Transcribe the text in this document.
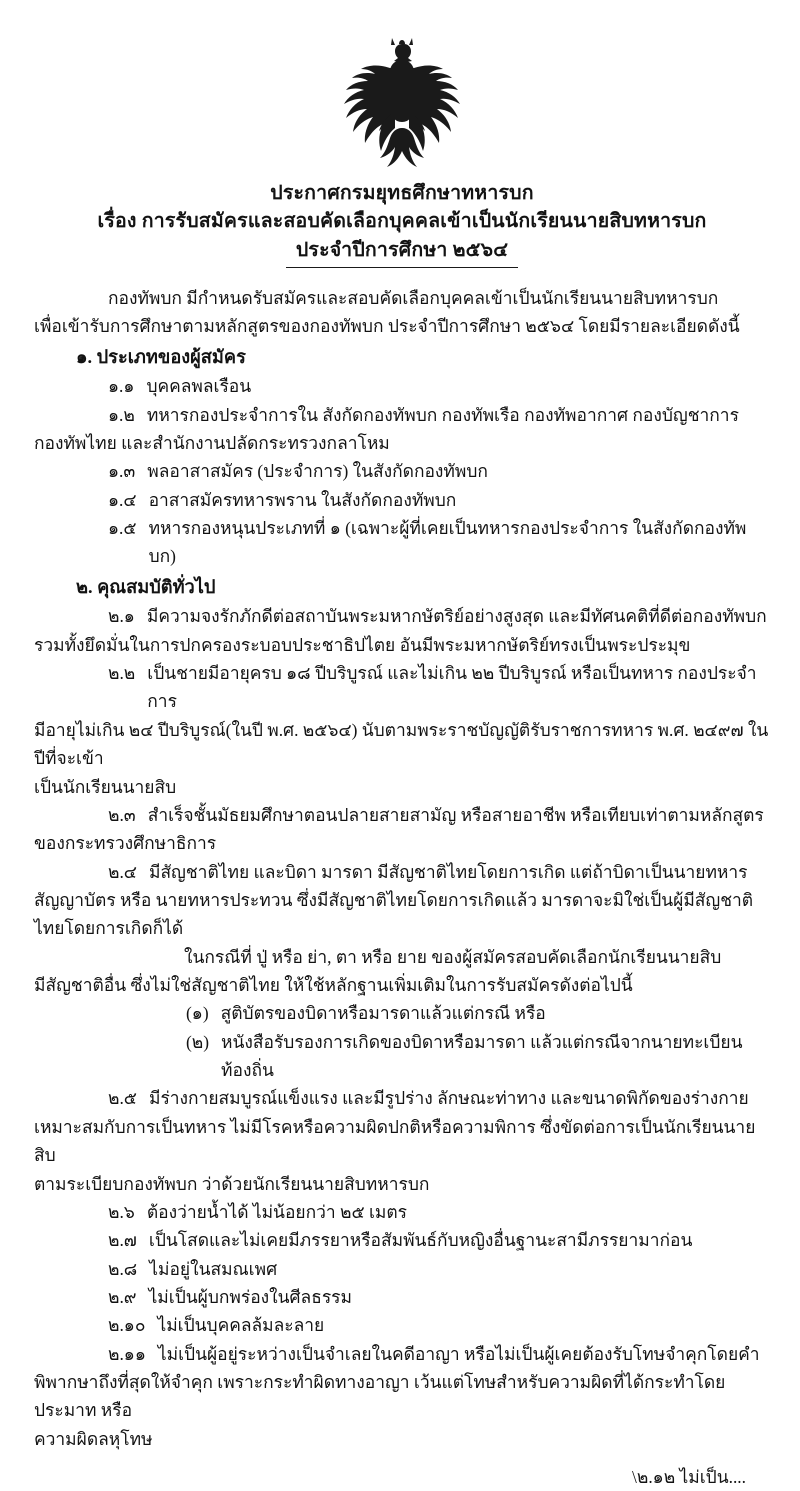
ประกาศกรมยุทธศึกษาทหารบก
เรื่อง การรับสมัครและสอบคัดเลือกบุคคลเข้าเป็นนักเรียนนายสิบทหารบก
ประจำปีการศึกษา ๒๕๖๔

กองทัพบก มีกำหนดรับสมัครและสอบคัดเลือกบุคคลเข้าเป็นนักเรียนนายสิบทหารบก

เพื่อเข้ารับการศึกษาตามหลักสูตรของกองทัพบก ประจำปีการศึกษา ๒๕๖๔ โดยมีรายละเอียดดังนี้

๑. ประเภทของผู้สมัคร

๑.๑ บุคคลพลเรือน
๑.๒ ทหารกองประจำการใน สังกัดกองทัพบก กองทัพเรือ กองทัพอากาศ กองบัญชาการ

กองทัพไทย และสำนักงานปลัดกระทรวงกลาโหม

๑.๓ พลอาสาสมัคร (ประจำการ) ในสังกัดกองทัพบก
๑.๔ อาสาสมัครทหารพราน ในสังกัดกองทัพบก
๑.๕ ทหารกองหนุนประเภทที่ ๑ (เฉพาะผู้ที่เคยเป็นทหารกองประจำการ ในสังกัดกองทัพบก)

๒. คุณสมบัติทั่วไป

๒.๑ มีความจงรักภักดีต่อสถาบันพระมหากษัตริย์อย่างสูงสุด และมีทัศนคติที่ดีต่อกองทัพบก

รวมทั้งยึดมั่นในการปกครองระบอบประชาธิปไตย อันมีพระมหากษัตริย์ทรงเป็นพระประมุข

๒.๒ เป็นชายมีอายุครบ ๑๘ ปีบริบูรณ์ และไม่เกิน ๒๒ ปีบริบูรณ์ หรือเป็นทหาร กองประจำการ

มีอายุไม่เกิน ๒๔ ปีบริบูรณ์(ในปี พ.ศ. ๒๕๖๔) นับตามพระราชบัญญัติรับราชการทหาร พ.ศ. ๒๔๙๗ ในปีที่จะเข้า

เป็นนักเรียนนายสิบ

๒.๓ สำเร็จชั้นมัธยมศึกษาตอนปลายสายสามัญ หรือสายอาชีพ หรือเทียบเท่าตามหลักสูตร

ของกระทรวงศึกษาธิการ

๒.๔ มีสัญชาติไทย และบิดา มารดา มีสัญชาติไทยโดยการเกิด แต่ถ้าบิดาเป็นนายทหาร

สัญญาบัตร หรือ นายทหารประทวน ซึ่งมีสัญชาติไทยโดยการเกิดแล้ว มารดาจะมิใช่เป็นผู้มีสัญชาติไทยโดยการเกิดก็ได้

ในกรณีที่ ปู่ หรือ ย่า, ตา หรือ ยาย ของผู้สมัครสอบคัดเลือกนักเรียนนายสิบ

มีสัญชาติอื่น ซึ่งไม่ใช่สัญชาติไทย ให้ใช้หลักฐานเพิ่มเติมในการรับสมัครดังต่อไปนี้

(๑) สูติบัตรของบิดาหรือมารดาแล้วแต่กรณี หรือ
(๒) หนังสือรับรองการเกิดของบิดาหรือมารดา แล้วแต่กรณีจากนายทะเบียนท้องถิ่น
๒.๕ มีร่างกายสมบูรณ์แข็งแรง และมีรูปร่าง ลักษณะท่าทาง และขนาดพิกัดของร่างกาย

เหมาะสมกับการเป็นทหาร ไม่มีโรคหรือความผิดปกติหรือความพิการ ซึ่งขัดต่อการเป็นนักเรียนนายสิบ

ตามระเบียบกองทัพบก ว่าด้วยนักเรียนนายสิบทหารบก

๒.๖ ต้องว่ายน้ำได้ ไม่น้อยกว่า ๒๕ เมตร
๒.๗ เป็นโสดและไม่เคยมีภรรยาหรือสัมพันธ์กับหญิงอื่นฐานะสามีภรรยามาก่อน
๒.๘ ไม่อยู่ในสมณเพศ
๒.๙ ไม่เป็นผู้บกพร่องในศีลธรรม
๒.๑๐ ไม่เป็นบุคคลล้มละลาย
๒.๑๑ ไม่เป็นผู้อยู่ระหว่างเป็นจำเลยในคดีอาญา หรือไม่เป็นผู้เคยต้องรับโทษจำคุกโดยคำ

พิพากษาถึงที่สุดให้จำคุก เพราะกระทำผิดทางอาญา เว้นแต่โทษสำหรับความผิดที่ได้กระทำโดยประมาท หรือ

ความผิดลหุโทษ

\๒.๑๒ ไม่เป็น....
